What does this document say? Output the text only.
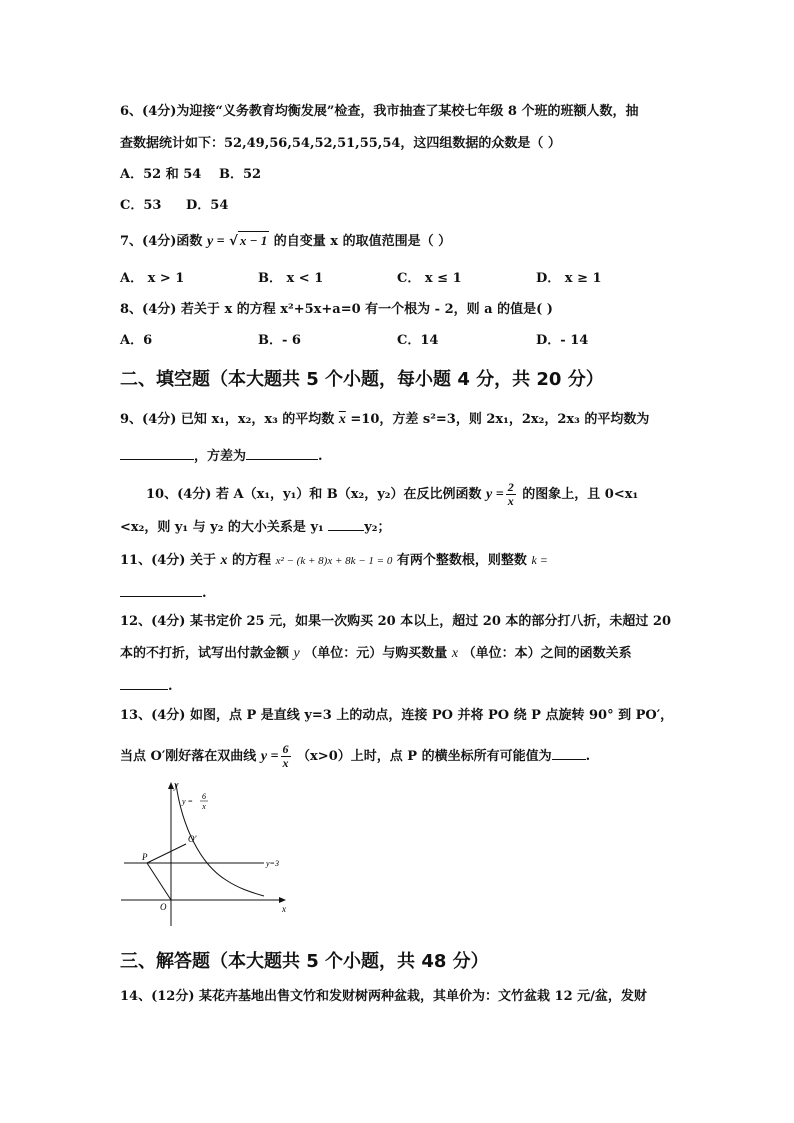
6、(4分)为迎接“义务教育均衡发展”检查，我市抽查了某校七年级 8 个班的班额人数，抽
查数据统计如下：52,49,56,54,52,51,55,54，这四组数据的众数是（ ）
A．52 和 54 B．52
C．53 D．54
7、(4分)函数 y = √ x − 1 的自变量 x 的取值范围是（ ）
A． x > 1	B． x < 1	C． x ≤ 1	D． x ≥ 1
8、(4分) 若关于 x 的方程 x²+5x+a=0 有一个根为 - 2，则 a 的值是( )
A．6	B．- 6	C．14	D．- 14
二、填空题（本大题共 5 个小题，每小题 4 分，共 20 分）
9、(4分) 已知 x₁，x₂，x₃ 的平均数 $\overline{x} =10$，方差 s²=3，则 2x₁，2x₂，2x₃ 的平均数为
，方差为	.
10、(4分) 若 A（x₁，y₁）和 B（x₂，y₂）在反比例函数 $y = \frac{2}{x}$ 的图象上，且 0<x₁
<x₂，则 y₁ 与 y₂ 的大小关系是 y₁	y₂；
11、(4分) 关于 x 的方程 x² − (k + 8)x + 8k − 1 = 0 有两个整数根，则整数 k =
.
12、(4分) 某书定价 25 元，如果一次购买 20 本以上，超过 20 本的部分打八折，未超过 20
本的不打折，试写出付款金额 y （单位：元）与购买数量 x （单位：本）之间的函数关系
.
13、(4分) 如图，点 P 是直线 y=3 上的动点，连接 PO 并将 PO 绕 P 点旋转 90° 到 PO′，
当点 O′刚好落在双曲线 $y = \frac{6}{x} (x>0)$上时，点 P 的横坐标所有可能值为	.
y
y =
6
x
O′
P
y=3
O	x
三、解答题（本大题共 5 个小题，共 48 分）
14、(12分) 某花卉基地出售文竹和发财树两种盆栽，其单价为：文竹盆栽 12 元/盆，发财
